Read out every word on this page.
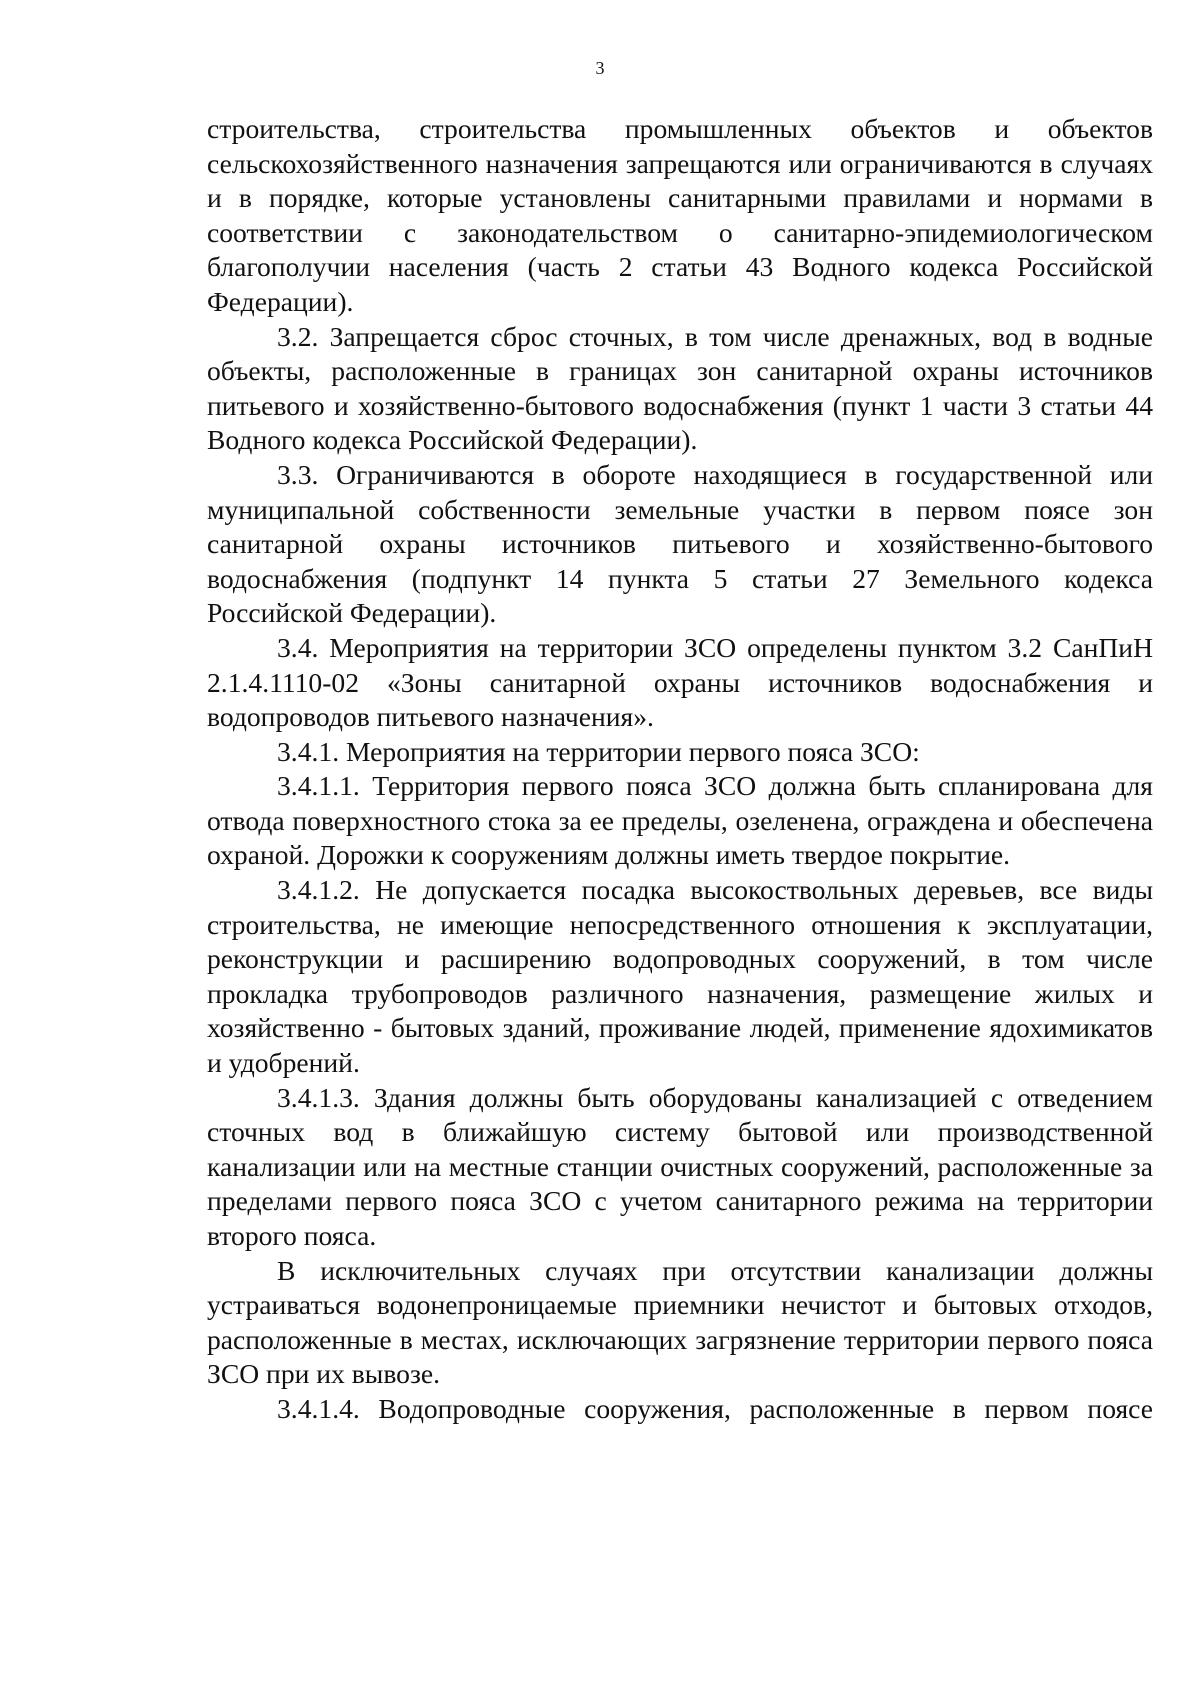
3

строительства, строительства промышленных объектов и объектов сельскохозяйственного назначения запрещаются или ограничиваются в случаях и в порядке, которые установлены санитарными правилами и нормами в соответствии с законодательством о санитарно-эпидемиологическом благополучии населения (часть 2 статьи 43 Водного кодекса Российской Федерации).

3.2. Запрещается сброс сточных, в том числе дренажных, вод в водные объекты, расположенные в границах зон санитарной охраны источников питьевого и хозяйственно-бытового водоснабжения (пункт 1 части 3 статьи 44 Водного кодекса Российской Федерации).

3.3. Ограничиваются в обороте находящиеся в государственной или муниципальной собственности земельные участки в первом поясе зон санитарной охраны источников питьевого и хозяйственно-бытового водоснабжения (подпункт 14 пункта 5 статьи 27 Земельного кодекса Российской Федерации).

3.4. Мероприятия на территории ЗСО определены пунктом 3.2 СанПиН 2.1.4.1110-02 «Зоны санитарной охраны источников водоснабжения и водопроводов питьевого назначения».

3.4.1. Мероприятия на территории первого пояса ЗСО:

3.4.1.1. Территория первого пояса ЗСО должна быть спланирована для отвода поверхностного стока за ее пределы, озеленена, ограждена и обеспечена охраной. Дорожки к сооружениям должны иметь твердое покрытие.

3.4.1.2. Не допускается посадка высокоствольных деревьев, все виды строительства, не имеющие непосредственного отношения к эксплуатации, реконструкции и расширению водопроводных сооружений, в том числе прокладка трубопроводов различного назначения, размещение жилых и хозяйственно - бытовых зданий, проживание людей, применение ядохимикатов и удобрений.

3.4.1.3. Здания должны быть оборудованы канализацией с отведением сточных вод в ближайшую систему бытовой или производственной канализации или на местные станции очистных сооружений, расположенные за пределами первого пояса ЗСО с учетом санитарного режима на территории второго пояса.

В исключительных случаях при отсутствии канализации должны устраиваться водонепроницаемые приемники нечистот и бытовых отходов, расположенные в местах, исключающих загрязнение территории первого пояса ЗСО при их вывозе.

3.4.1.4. Водопроводные сооружения, расположенные в первом поясе
